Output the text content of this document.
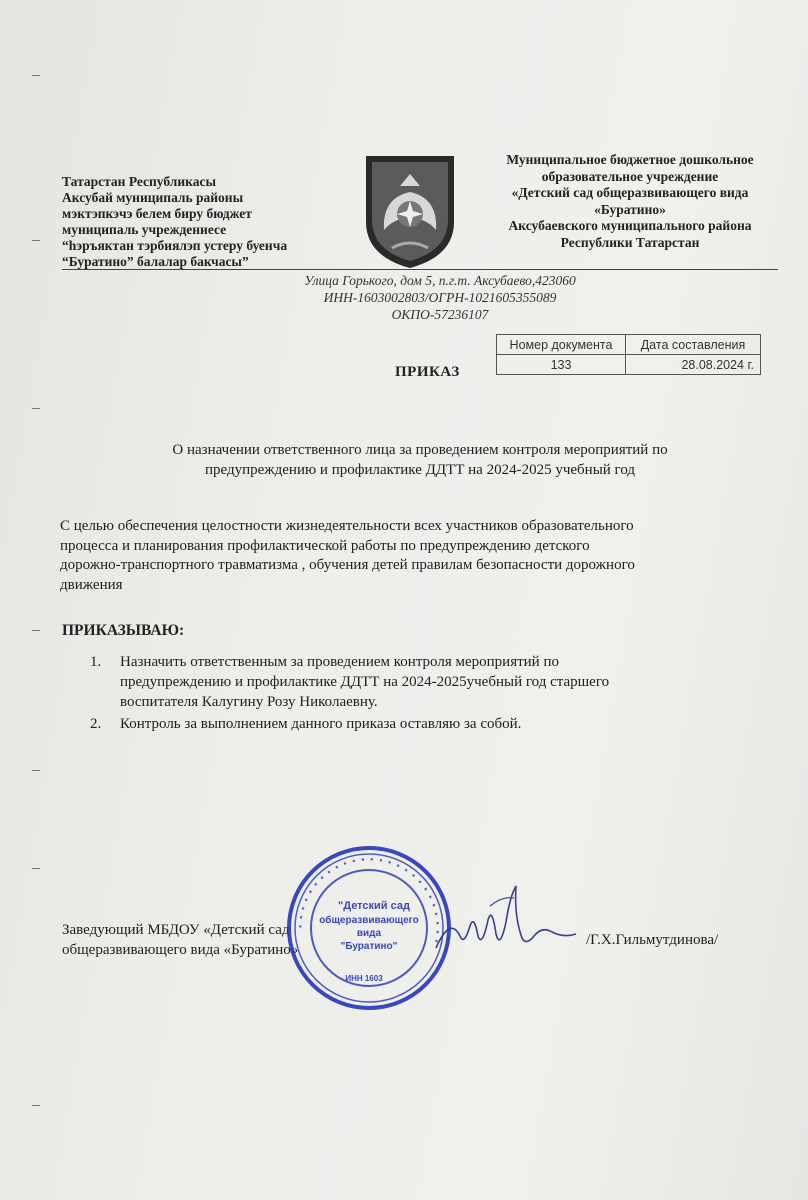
Татарстан Республикасы
Аксубай муниципаль районы
мэктэпкэчэ белем биру бюджет
муниципаль учреждениесе
“hэръяктан тэрбиялэп устеру буенча
“Буратино” балалар бакчасы”
Муниципальное бюджетное дошкольное
образовательное учреждение
«Детский сад общеразвивающего вида
«Буратино»
Аксубаевского муниципального района
Республики Татарстан
Улица Горького, дом 5, п.г.т. Аксубаево,423060
ИНН-1603002803/ОГРН-1021605355089
ОКПО-57236107
Номер документа	Дата составления
133	28.08.2024 г.
ПРИКАЗ
О назначении ответственного лица за проведением контроля мероприятий по
предупреждению и профилактике ДДТТ на 2024-2025 учебный год
С целью обеспечения целостности жизнедеятельности всех участников образовательного
процесса и планирования профилактической работы по предупреждению детского
дорожно-транспортного травматизма , обучения детей правилам безопасности дорожного
движения
ПРИКАЗЫВАЮ:
1. Назначить ответственным за проведением контроля мероприятий по
предупреждению и профилактике ДДТТ на 2024-2025учебный год старшего
воспитателя Калугину Розу Николаевну.
2. Контроль за выполнением данного приказа оставляю за собой.
Заведующий МБДОУ «Детский сад
общеразвивающего вида «Буратино»
/Г.Х.Гильмутдинова/
▪ ▪ ▪ ▪ ▪ ▪ ▪ ▪ ▪ ▪ ▪ ▪ ▪ ▪ ▪ ▪ ▪ ▪ ▪ ▪ ▪ ▪ ▪ ▪ ▪ ▪
"Детский сад
общеразвивающего
вида
"Буратино"
ИНН 1603
